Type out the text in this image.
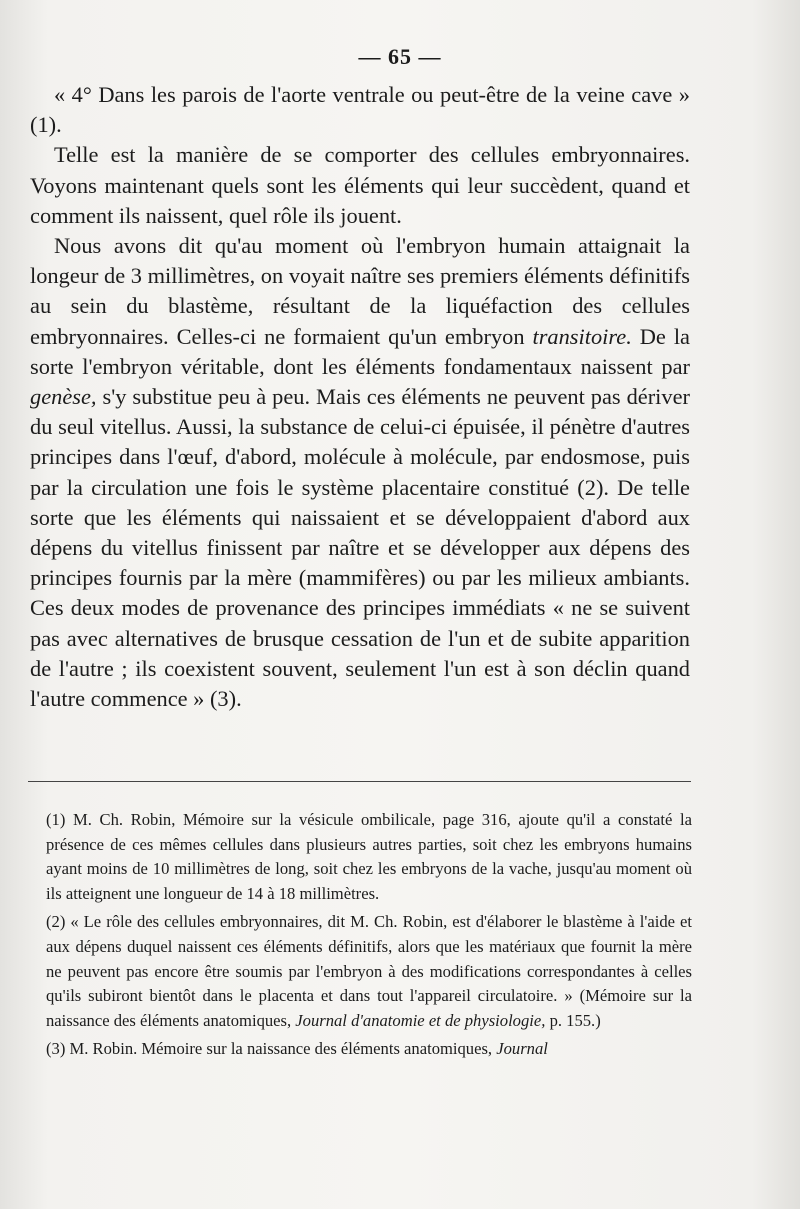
— 65 —

« 4° Dans les parois de l'aorte ventrale ou peut-être de la veine cave » (1).

Telle est la manière de se comporter des cellules embryonnaires. Voyons maintenant quels sont les éléments qui leur succèdent, quand et comment ils naissent, quel rôle ils jouent.

Nous avons dit qu'au moment où l'embryon humain attaignait la longeur de 3 millimètres, on voyait naître ses premiers éléments définitifs au sein du blastème, résultant de la liquéfaction des cellules embryonnaires. Celles-ci ne formaient qu'un embryon transitoire. De la sorte l'embryon véritable, dont les éléments fondamentaux naissent par genèse, s'y substitue peu à peu. Mais ces éléments ne peuvent pas dériver du seul vitellus. Aussi, la substance de celui-ci épuisée, il pénètre d'autres principes dans l'œuf, d'abord, molécule à molécule, par endosmose, puis par la circulation une fois le système placentaire constitué (2). De telle sorte que les éléments qui naissaient et se développaient d'abord aux dépens du vitellus finissent par naître et se développer aux dépens des principes fournis par la mère (mammifères) ou par les milieux ambiants. Ces deux modes de provenance des principes immédiats « ne se suivent pas avec alternatives de brusque cessation de l'un et de subite apparition de l'autre ; ils coexistent souvent, seulement l'un est à son déclin quand l'autre commence » (3).

(1) M. Ch. Robin, Mémoire sur la vésicule ombilicale, page 316, ajoute qu'il a constaté la présence de ces mêmes cellules dans plusieurs autres parties, soit chez les embryons humains ayant moins de 10 millimètres de long, soit chez les embryons de la vache, jusqu'au moment où ils atteignent une longueur de 14 à 18 millimètres.

(2) « Le rôle des cellules embryonnaires, dit M. Ch. Robin, est d'élaborer le blastème à l'aide et aux dépens duquel naissent ces éléments définitifs, alors que les matériaux que fournit la mère ne peuvent pas encore être soumis par l'embryon à des modifications correspondantes à celles qu'ils subiront bientôt dans le placenta et dans tout l'appareil circulatoire. » (Mémoire sur la naissance des éléments anatomiques, Journal d'anatomie et de physiologie, p. 155.)

(3) M. Robin. Mémoire sur la naissance des éléments anatomiques, Journal
